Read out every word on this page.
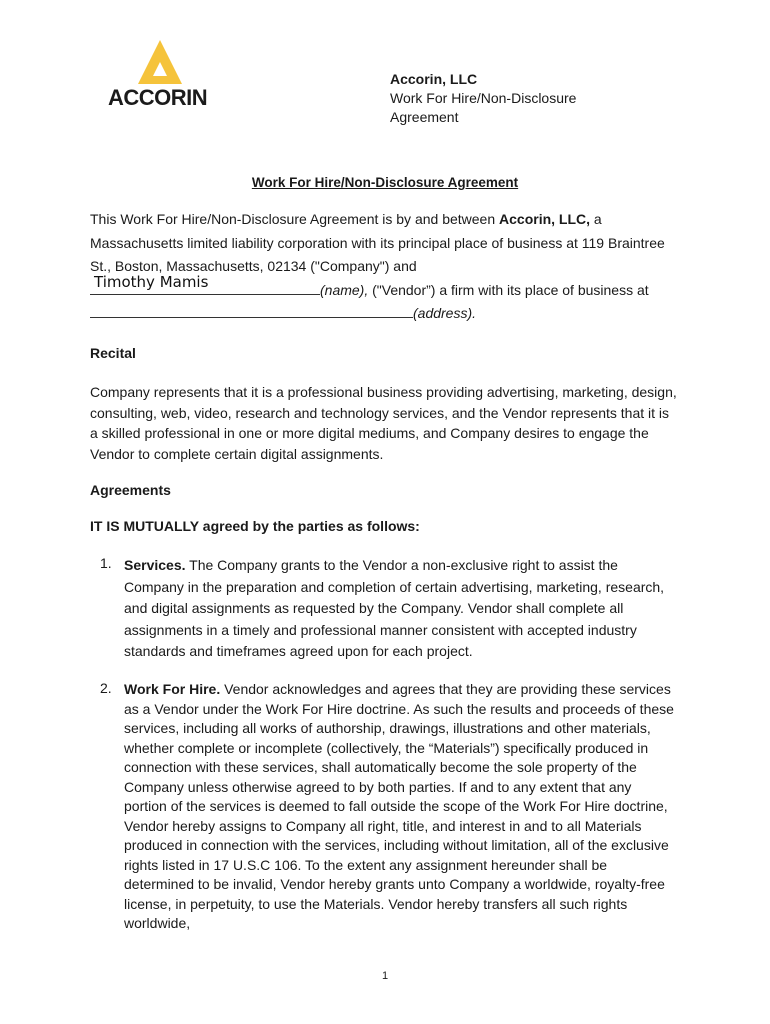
ACCORIN
Accorin, LLC
Work For Hire/Non-Disclosure
Agreement
Work For Hire/Non-Disclosure Agreement
This Work For Hire/Non-Disclosure Agreement is by and between Accorin, LLC, a Massachusetts limited liability corporation with its principal place of business at 119 Braintree St., Boston, Massachusetts, 02134 ("Company") and

Timothy Mamis	(name), ("Vendor”) a firm with its place of business at
(address).
Recital
Company represents that it is a professional business providing advertising, marketing, design, consulting, web, video, research and technology services, and the Vendor represents that it is a skilled professional in one or more digital mediums, and Company desires to engage the Vendor to complete certain digital assignments.
Agreements
IT IS MUTUALLY agreed by the parties as follows:
1. Services. The Company grants to the Vendor a non-exclusive right to assist the Company in the preparation and completion of certain advertising, marketing, research, and digital assignments as requested by the Company. Vendor shall complete all assignments in a timely and professional manner consistent with accepted industry standards and timeframes agreed upon for each project.
2. Work For Hire. Vendor acknowledges and agrees that they are providing these services as a Vendor under the Work For Hire doctrine. As such the results and proceeds of these services, including all works of authorship, drawings, illustrations and other materials, whether complete or incomplete (collectively, the “Materials”) specifically produced in connection with these services, shall automatically become the sole property of the Company unless otherwise agreed to by both parties. If and to any extent that any portion of the services is deemed to fall outside the scope of the Work For Hire doctrine, Vendor hereby assigns to Company all right, title, and interest in and to all Materials produced in connection with the services, including without limitation, all of the exclusive rights listed in 17 U.S.C 106. To the extent any assignment hereunder shall be determined to be invalid, Vendor hereby grants unto Company a worldwide, royalty-free license, in perpetuity, to use the Materials. Vendor hereby transfers all such rights worldwide,
1
